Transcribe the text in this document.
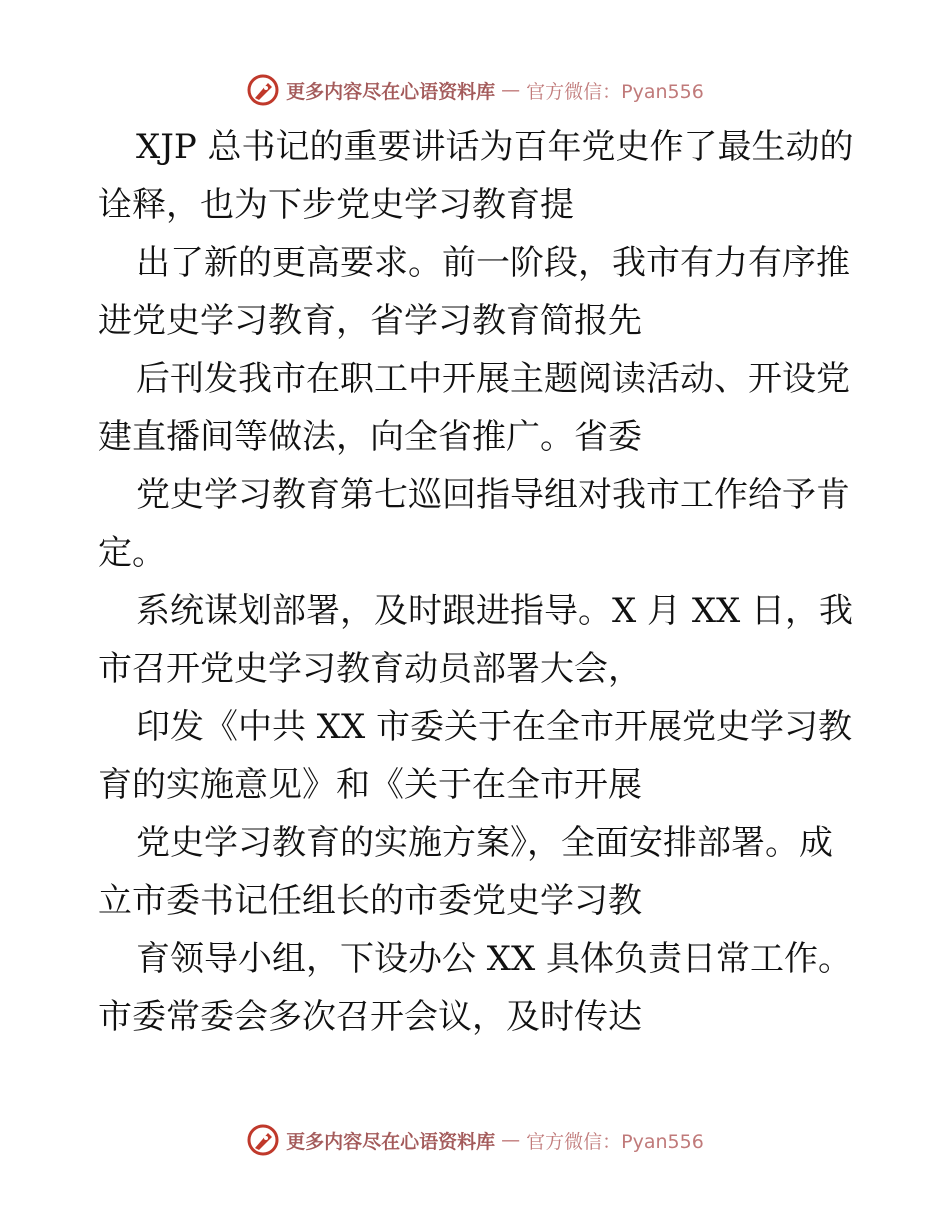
更多内容尽在心语资料库 — 官方微信：Pyan556

XJP 总书记的重要讲话为百年党史作了最生动的诠释，也为下步党史学习教育提

出了新的更高要求。前一阶段，我市有力有序推进党史学习教育，省学习教育简报先

后刊发我市在职工中开展主题阅读活动、开设党建直播间等做法，向全省推广。省委

党史学习教育第七巡回指导组对我市工作给予肯定。

系统谋划部署，及时跟进指导。X 月 XX 日，我市召开党史学习教育动员部署大会，

印发《中共 XX 市委关于在全市开展党史学习教育的实施意见》和《关于在全市开展

党史学习教育的实施方案》，全面安排部署。成立市委书记任组长的市委党史学习教

育领导小组，下设办公 XX 具体负责日常工作。市委常委会多次召开会议，及时传达

更多内容尽在心语资料库 — 官方微信：Pyan556
